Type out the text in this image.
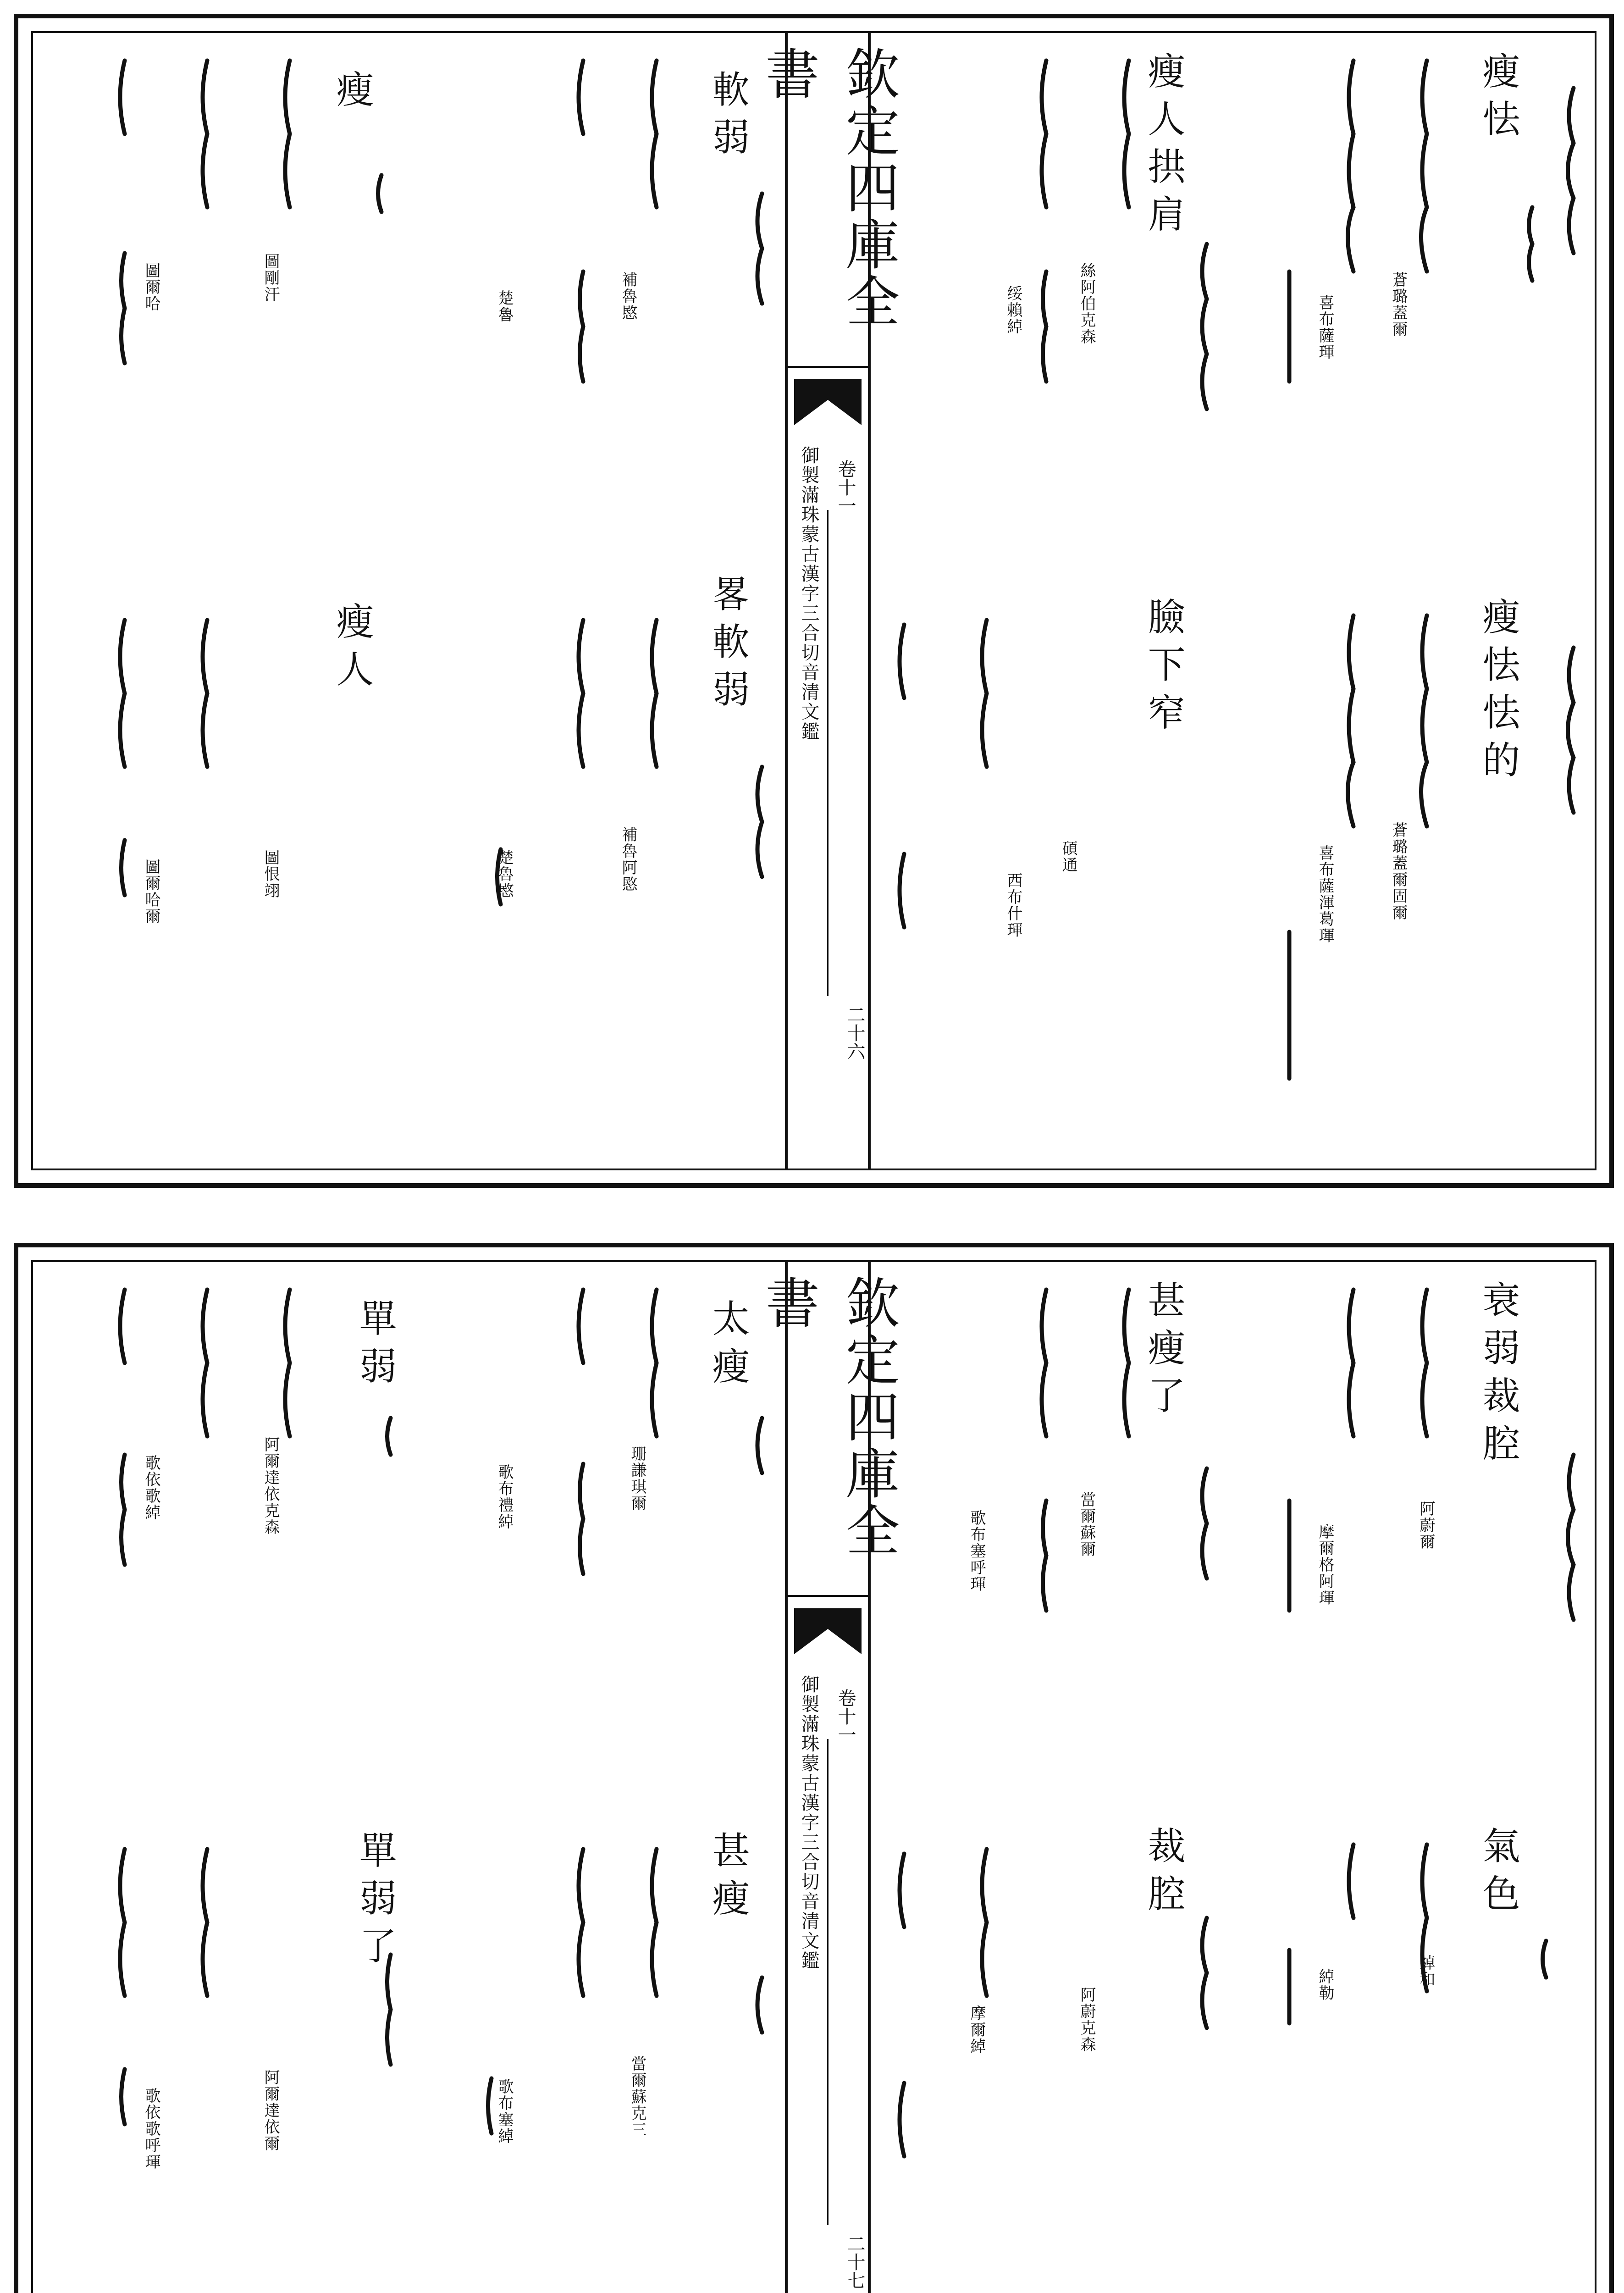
瘦怯
瘦怯怯的
瘦人拱肩
臉下窄
蒼璐蓋爾
喜布薩琿
蒼璐蓋爾固爾
喜布薩渾葛琿
絲阿伯克森
绥賴綽
碩通
西布什琿
軟弱
畧軟弱
瘦
瘦人
補魯愍
楚魯
補魯阿愍
楚魯愍
圖剛汗
圖爾哈
圖恨翊
圖爾哈爾
欽定四庫全書
御製滿珠蒙古漢字三合切音清文鑑 卷十一
二十六
衰弱裁腔
氣色
甚瘦了
裁腔
阿蔚爾
摩爾格阿琿
綽和
綽勒
當爾蘇爾
歌布塞呼琿
阿蔚克森
摩爾綽
太瘦
甚瘦
單弱
單弱了
珊謙琪爾
歌布禮綽
當爾蘇克三
歌布塞綽
阿爾達依克森
歌依歌綽
阿爾達依爾
歌依歌呼琿
欽定四庫全書
御製滿珠蒙古漢字三合切音清文鑑 卷十一
二十七
